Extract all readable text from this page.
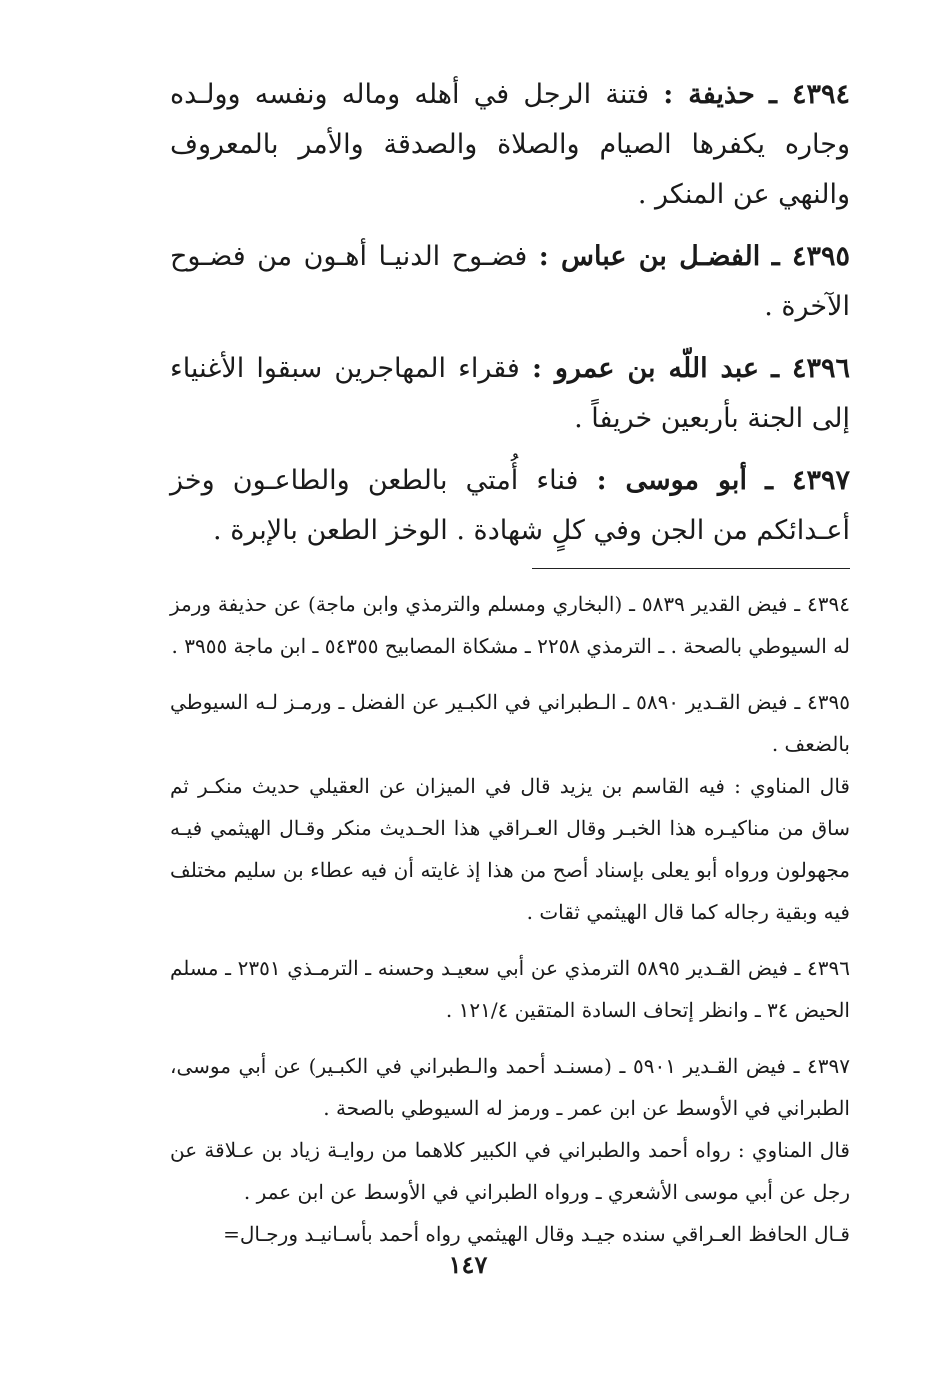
٤٣٩٤ ـ حذيفة : فتنة الرجل في أهله وماله ونفسه وولـده وجاره يكفرها الصيام والصلاة والصدقة والأمر بالمعروف والنهي عن المنكر .
٤٣٩٥ ـ الفضـل بن عباس : فضـوح الدنيـا أهـون من فضـوح الآخرة .
٤٣٩٦ ـ عبد اللّه بن عمرو : فقراء المهاجرين سبقوا الأغنياء إلى الجنة بأربعين خريفاً .
٤٣٩٧ ـ أبو موسى : فناء أُمتي بالطعن والطاعـون وخز أعـدائكم من الجن وفي كلٍ شهادة . الوخز الطعن بالإبرة .

٤٣٩٤ ـ فيض القدير ٥٨٣٩ ـ (البخاري ومسلم والترمذي وابن ماجة) عن حذيفة ورمز له السيوطي بالصحة . ـ الترمذي ٢٢٥٨ ـ مشكاة المصابيح ٥٤٣٥٥ ـ ابن ماجة ٣٩٥٥ .

٤٣٩٥ ـ فيض القـدير ٥٨٩٠ ـ الـطبراني في الكبـير عن الفضل ـ ورمـز لـه السيوطي بالضعف .

قال المناوي : فيه القاسم بن يزيد قال في الميزان عن العقيلي حديث منكـر ثم ساق من مناكيـره هذا الخبـر وقال العـراقي هذا الحـديث منكر وقـال الهيثمي فيـه مجهولون ورواه أبو يعلى بإسناد أصح من هذا إذ غايته أن فيه عطاء بن سليم مختلف فيه وبقية رجاله كما قال الهيثمي ثقات .

٤٣٩٦ ـ فيض القـدير ٥٨٩٥ الترمذي عن أبي سعيـد وحسنه ـ الترمـذي ٢٣٥١ ـ مسلم الحيض ٣٤ ـ وانظر إتحاف السادة المتقين ١٢١/٤ .

٤٣٩٧ ـ فيض القـدير ٥٩٠١ ـ (مسنـد أحمد والـطبراني في الكبـير) عن أبي موسى، الطبراني في الأوسط عن ابن عمر ـ ورمز له السيوطي بالصحة .

قال المناوي : رواه أحمد والطبراني في الكبير كلاهما من روايـة زياد بن عـلاقة عن رجل عن أبي موسى الأشعري ـ ورواه الطبراني في الأوسط عن ابن عمر .

قـال الحافظ العـراقي سنده جيـد وقال الهيثمي رواه أحمد بأسـانيـد ورجـال=

١٤٧
